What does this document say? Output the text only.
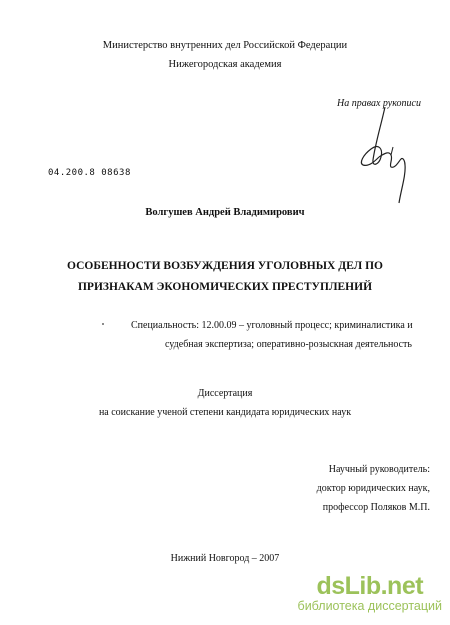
Министерство внутренних дел Российской Федерации
Нижегородская академия
На правах рукописи
04.200.8 08638
Волгушев Андрей Владимирович
ОСОБЕННОСТИ ВОЗБУЖДЕНИЯ УГОЛОВНЫХ ДЕЛ ПО
ПРИЗНАКАМ ЭКОНОМИЧЕСКИХ ПРЕСТУПЛЕНИЙ
Специальность: 12.00.09 – уголовный процесс; криминалистика и
судебная экспертиза; оперативно-розыскная деятельность
Диссертация
на соискание ученой степени кандидата юридических наук
Научный руководитель:
доктор юридических наук,
профессор Поляков М.П.
Нижний Новгород – 2007
dsLib.net
библиотека диссертаций
